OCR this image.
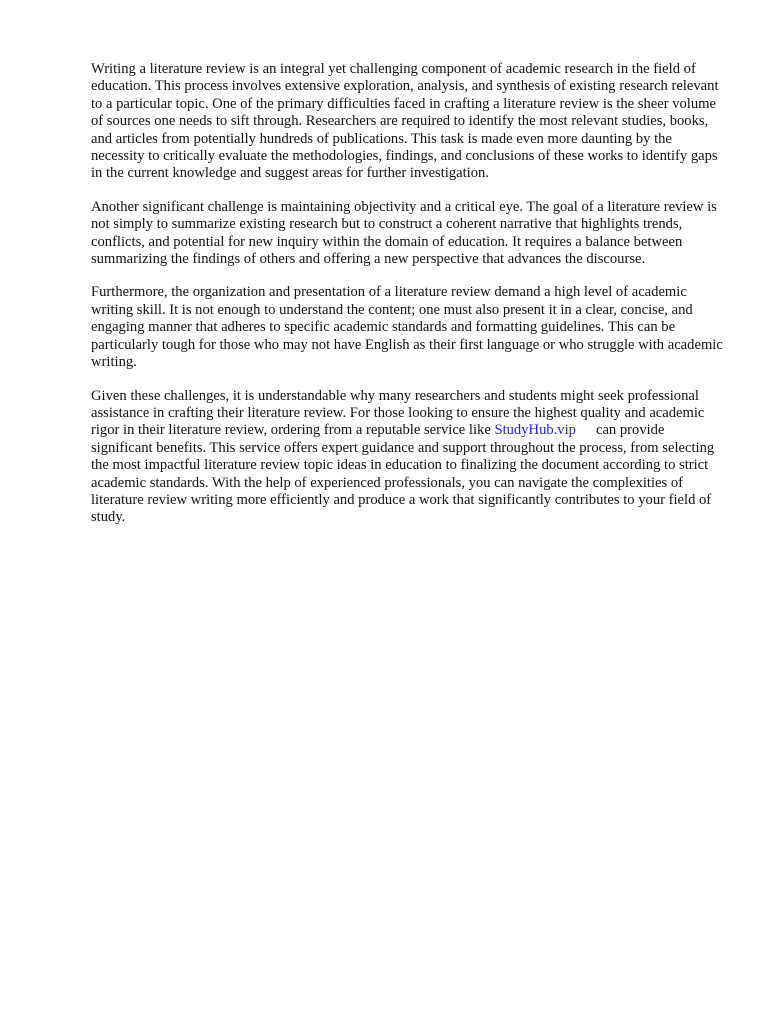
Writing a literature review is an integral yet challenging component of academic research in the field of education. This process involves extensive exploration, analysis, and synthesis of existing research relevant to a particular topic. One of the primary difficulties faced in crafting a literature review is the sheer volume of sources one needs to sift through. Researchers are required to identify the most relevant studies, books, and articles from potentially hundreds of publications. This task is made even more daunting by the necessity to critically evaluate the methodologies, findings, and conclusions of these works to identify gaps in the current knowledge and suggest areas for further investigation.

Another significant challenge is maintaining objectivity and a critical eye. The goal of a literature review is not simply to summarize existing research but to construct a coherent narrative that highlights trends, conflicts, and potential for new inquiry within the domain of education. It requires a balance between summarizing the findings of others and offering a new perspective that advances the discourse.

Furthermore, the organization and presentation of a literature review demand a high level of academic writing skill. It is not enough to understand the content; one must also present it in a clear, concise, and engaging manner that adheres to specific academic standards and formatting guidelines. This can be particularly tough for those who may not have English as their first language or who struggle with academic writing.

Given these challenges, it is understandable why many researchers and students might seek professional assistance in crafting their literature review. For those looking to ensure the highest quality and academic rigor in their literature review, ordering from a reputable service like StudyHub.vip can provide significant benefits. This service offers expert guidance and support throughout the process, from selecting the most impactful literature review topic ideas in education to finalizing the document according to strict academic standards. With the help of experienced professionals, you can navigate the complexities of literature review writing more efficiently and produce a work that significantly contributes to your field of study.
